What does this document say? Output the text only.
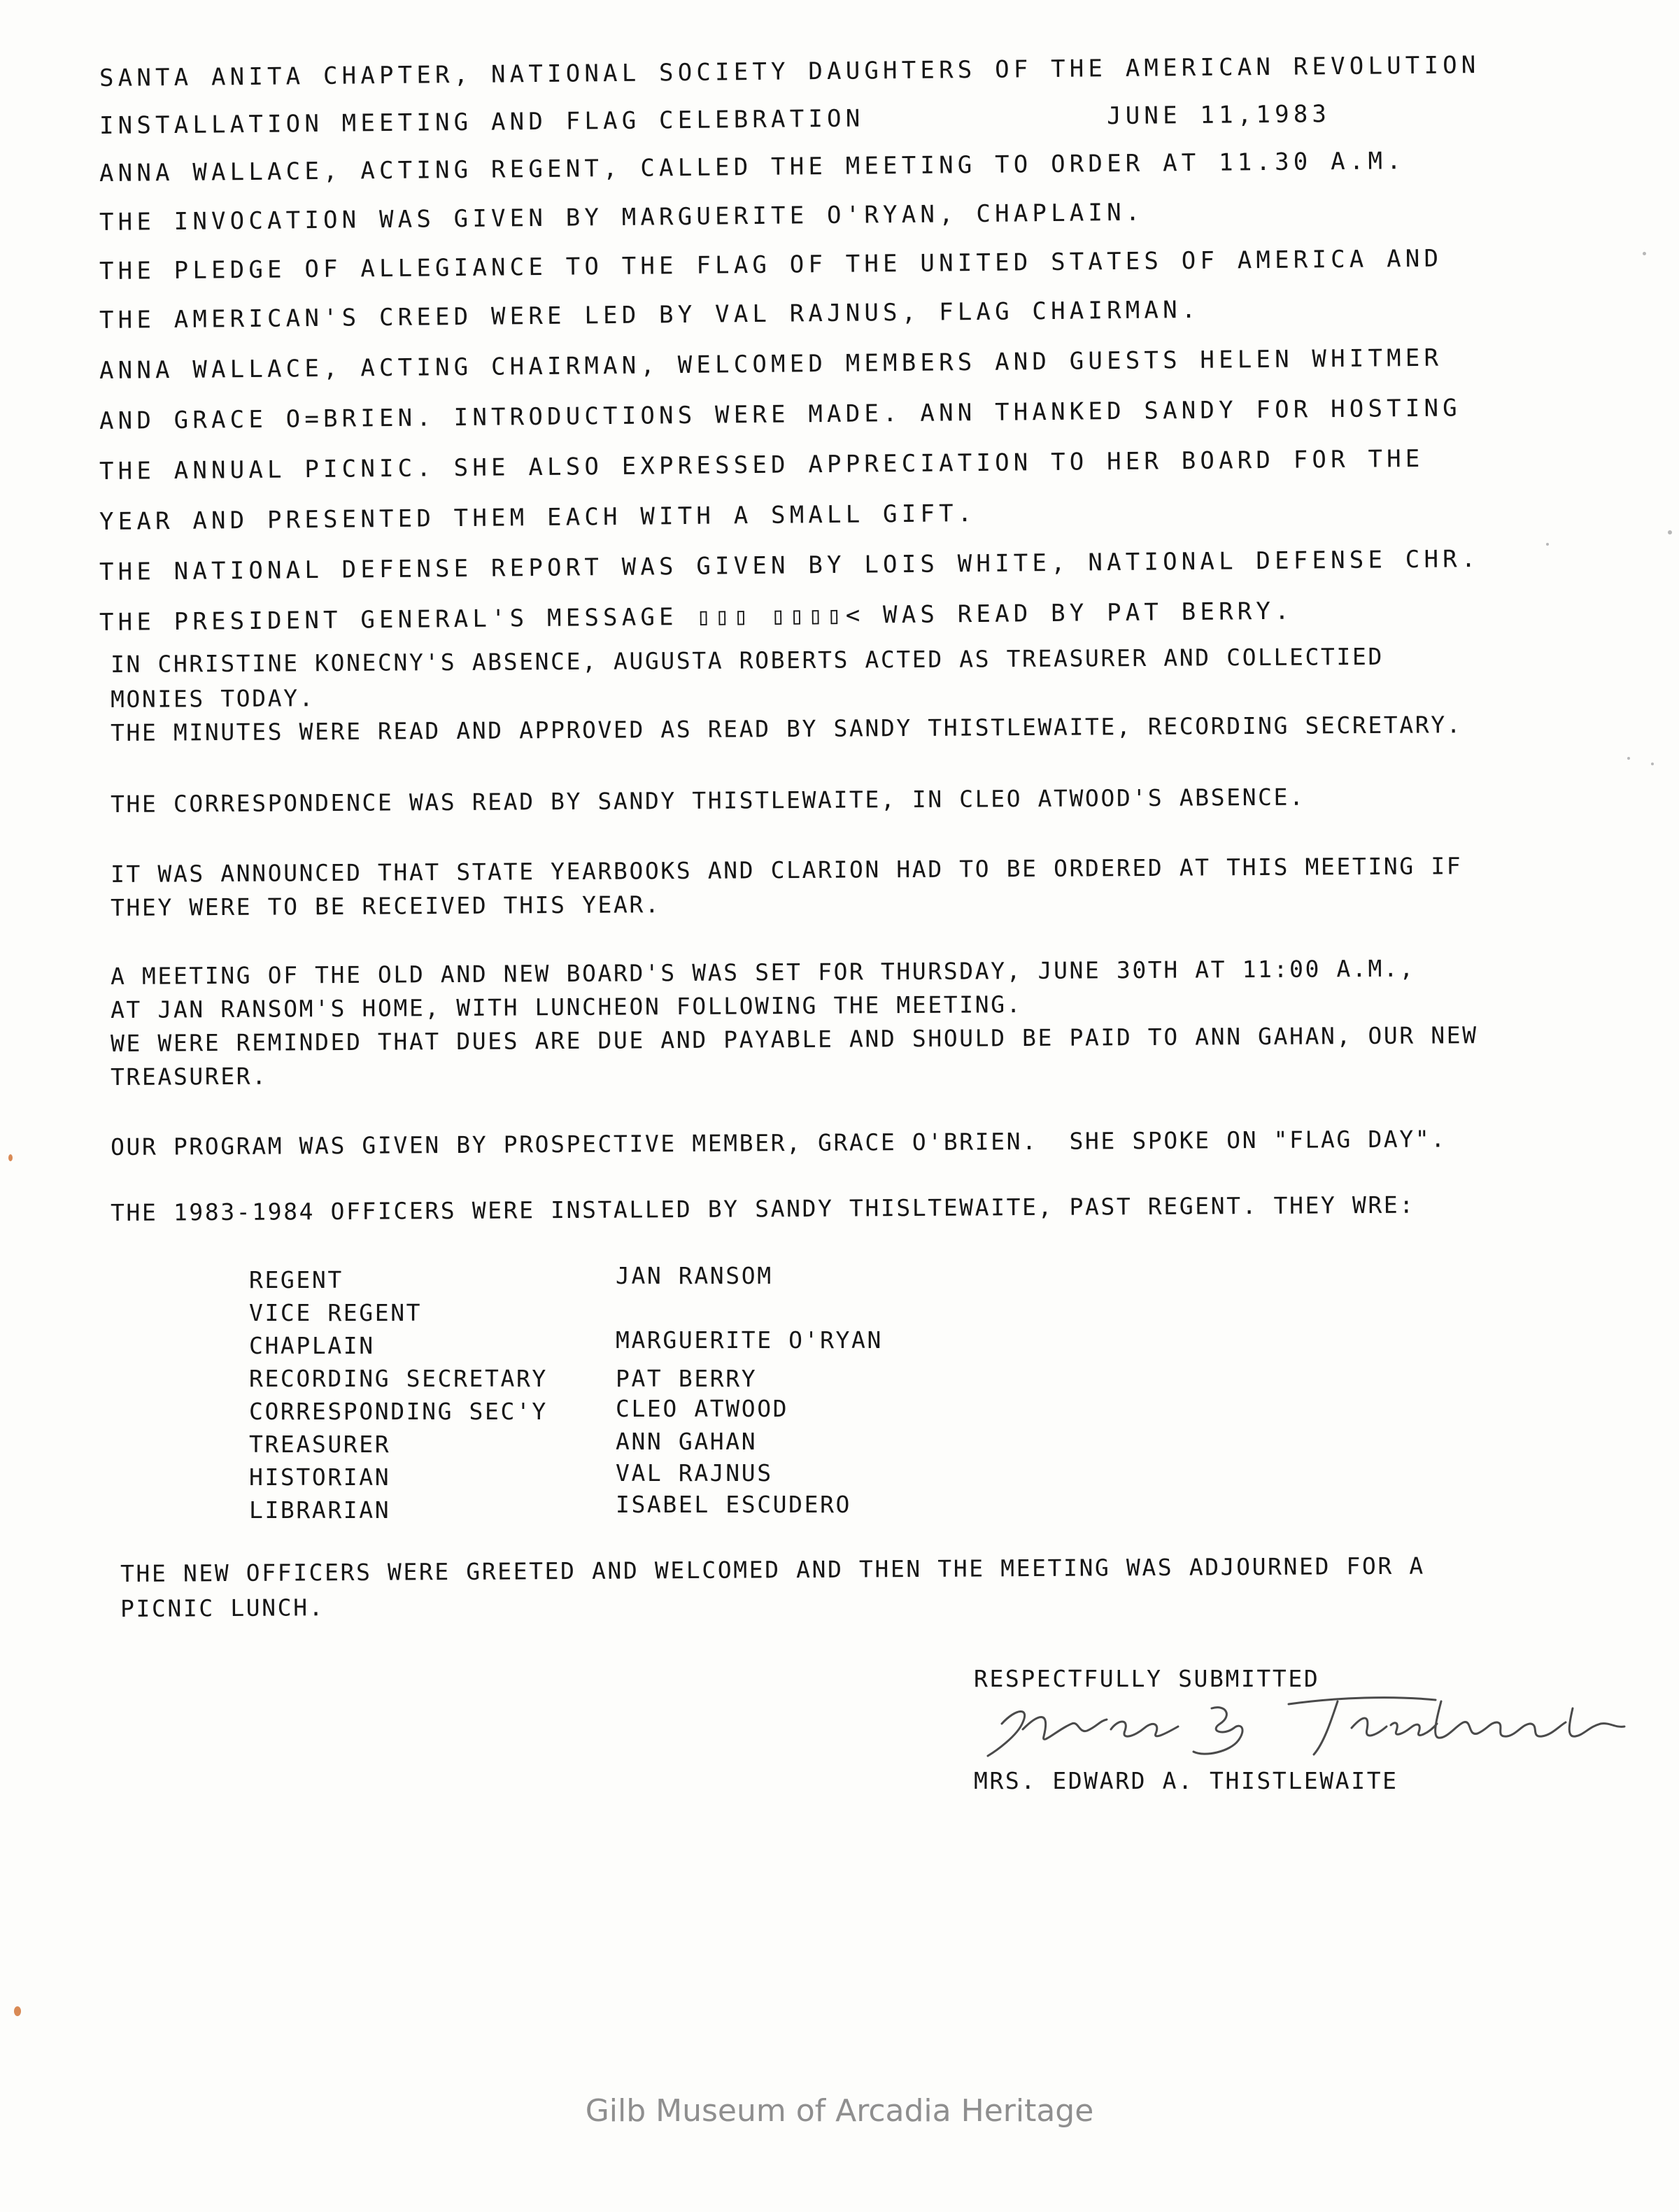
SANTA ANITA CHAPTER, NATIONAL SOCIETY DAUGHTERS OF THE AMERICAN REVOLUTION
INSTALLATION MEETING AND FLAG CELEBRATION             JUNE 11,1983
ANNA WALLACE, ACTING REGENT, CALLED THE MEETING TO ORDER AT 11.30 A.M.
THE INVOCATION WAS GIVEN BY MARGUERITE O'RYAN, CHAPLAIN.
THE PLEDGE OF ALLEGIANCE TO THE FLAG OF THE UNITED STATES OF AMERICA AND
THE AMERICAN'S CREED WERE LED BY VAL RAJNUS, FLAG CHAIRMAN.
ANNA WALLACE, ACTING CHAIRMAN, WELCOMED MEMBERS AND GUESTS HELEN WHITMER
AND GRACE O=BRIEN. INTRODUCTIONS WERE MADE. ANN THANKED SANDY FOR HOSTING
THE ANNUAL PICNIC. SHE ALSO EXPRESSED APPRECIATION TO HER BOARD FOR THE
YEAR AND PRESENTED THEM EACH WITH A SMALL GIFT.
THE NATIONAL DEFENSE REPORT WAS GIVEN BY LOIS WHITE, NATIONAL DEFENSE CHR.
THE PRESIDENT GENERAL'S MESSAGE ▯▯▯ ▯▯▯▯< WAS READ BY PAT BERRY.
IN CHRISTINE KONECNY'S ABSENCE, AUGUSTA ROBERTS ACTED AS TREASURER AND COLLECTIED
MONIES TODAY.
THE MINUTES WERE READ AND APPROVED AS READ BY SANDY THISTLEWAITE, RECORDING SECRETARY.
THE CORRESPONDENCE WAS READ BY SANDY THISTLEWAITE, IN CLEO ATWOOD'S ABSENCE.
IT WAS ANNOUNCED THAT STATE YEARBOOKS AND CLARION HAD TO BE ORDERED AT THIS MEETING IF
THEY WERE TO BE RECEIVED THIS YEAR.
A MEETING OF THE OLD AND NEW BOARD'S WAS SET FOR THURSDAY, JUNE 30TH AT 11:00 A.M.,
AT JAN RANSOM'S HOME, WITH LUNCHEON FOLLOWING THE MEETING.
WE WERE REMINDED THAT DUES ARE DUE AND PAYABLE AND SHOULD BE PAID TO ANN GAHAN, OUR NEW
TREASURER.
OUR PROGRAM WAS GIVEN BY PROSPECTIVE MEMBER, GRACE O'BRIEN.  SHE SPOKE ON "FLAG DAY".
THE 1983-1984 OFFICERS WERE INSTALLED BY SANDY THISLTEWAITE, PAST REGENT. THEY WRE:
REGENT	JAN RANSOM
VICE REGENT
CHAPLAIN	MARGUERITE O'RYAN
RECORDING SECRETARY	PAT BERRY
CORRESPONDING SEC'Y	CLEO ATWOOD
TREASURER	ANN GAHAN
HISTORIAN	VAL RAJNUS
LIBRARIAN	ISABEL ESCUDERO
THE NEW OFFICERS WERE GREETED AND WELCOMED AND THEN THE MEETING WAS ADJOURNED FOR A
PICNIC LUNCH.
RESPECTFULLY SUBMITTED
MRS. EDWARD A. THISTLEWAITE
Gilb Museum of Arcadia Heritage
